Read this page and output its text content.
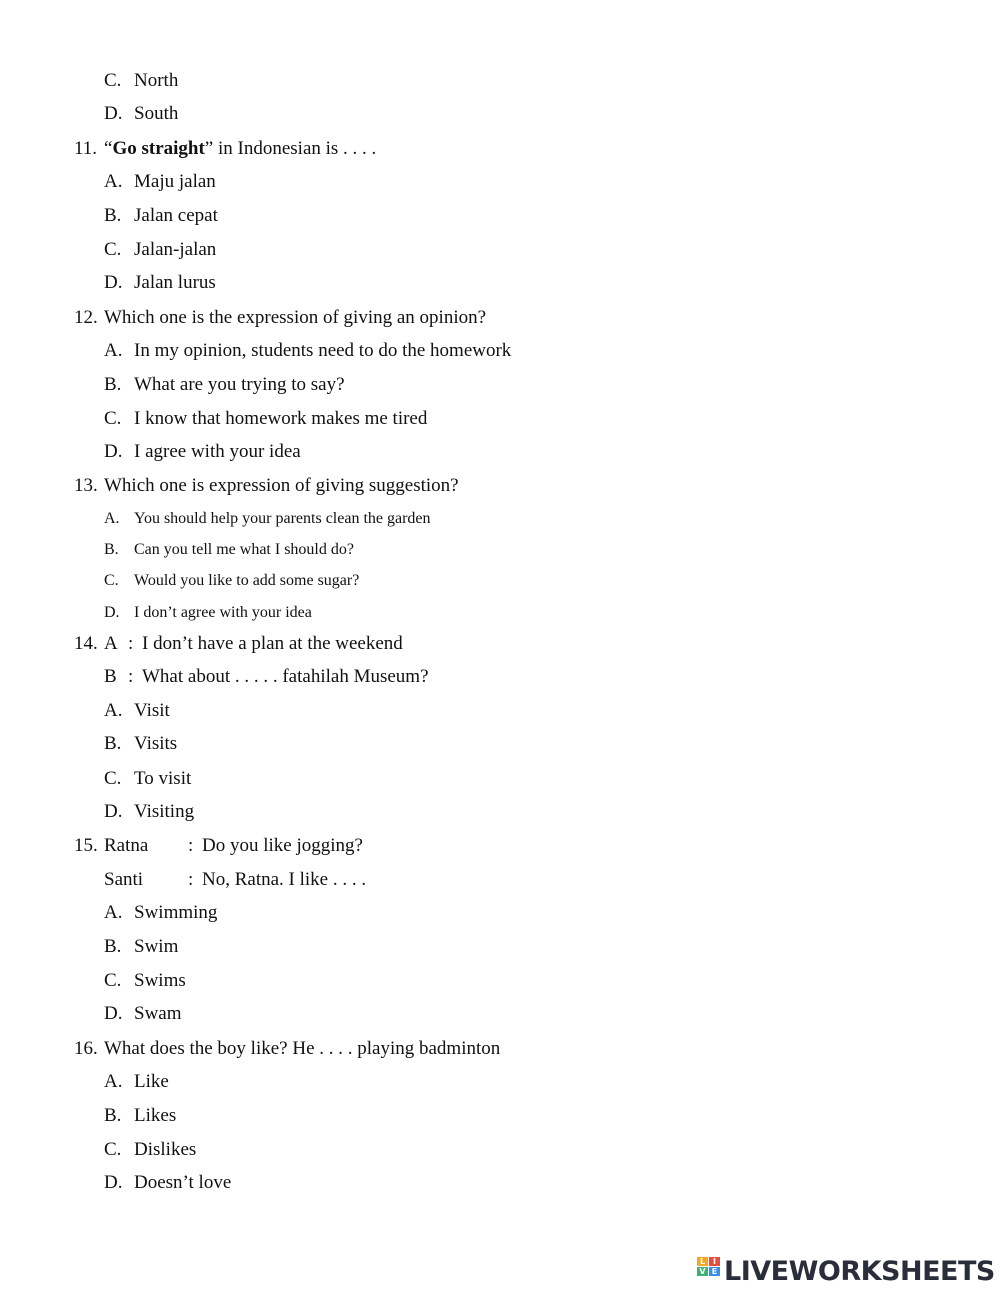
C. North
D. South
11. “Go straight” in Indonesian is . . . .
A. Maju jalan
B. Jalan cepat
C. Jalan-jalan
D. Jalan lurus
12. Which one is the expression of giving an opinion?
A. In my opinion, students need to do the homework
B. What are you trying to say?
C. I know that homework makes me tired
D. I agree with your idea
13. Which one is expression of giving suggestion?
A. You should help your parents clean the garden
B. Can you tell me what I should do?
C. Would you like to add some sugar?
D. I don’t agree with your idea
14. A : I don’t have a plan at the weekend
B : What about . . . . . fatahilah Museum?
A. Visit
B. Visits
C. To visit
D. Visiting
15. Ratna : Do you like jogging?
Santi : No, Ratna. I like . . . .
A. Swimming
B. Swim
C. Swims
D. Swam
16. What does the boy like? He . . . . playing badminton
A. Like
B. Likes
C. Dislikes
D. Doesn’t love
L I
V E LIVEWORKSHEETS
